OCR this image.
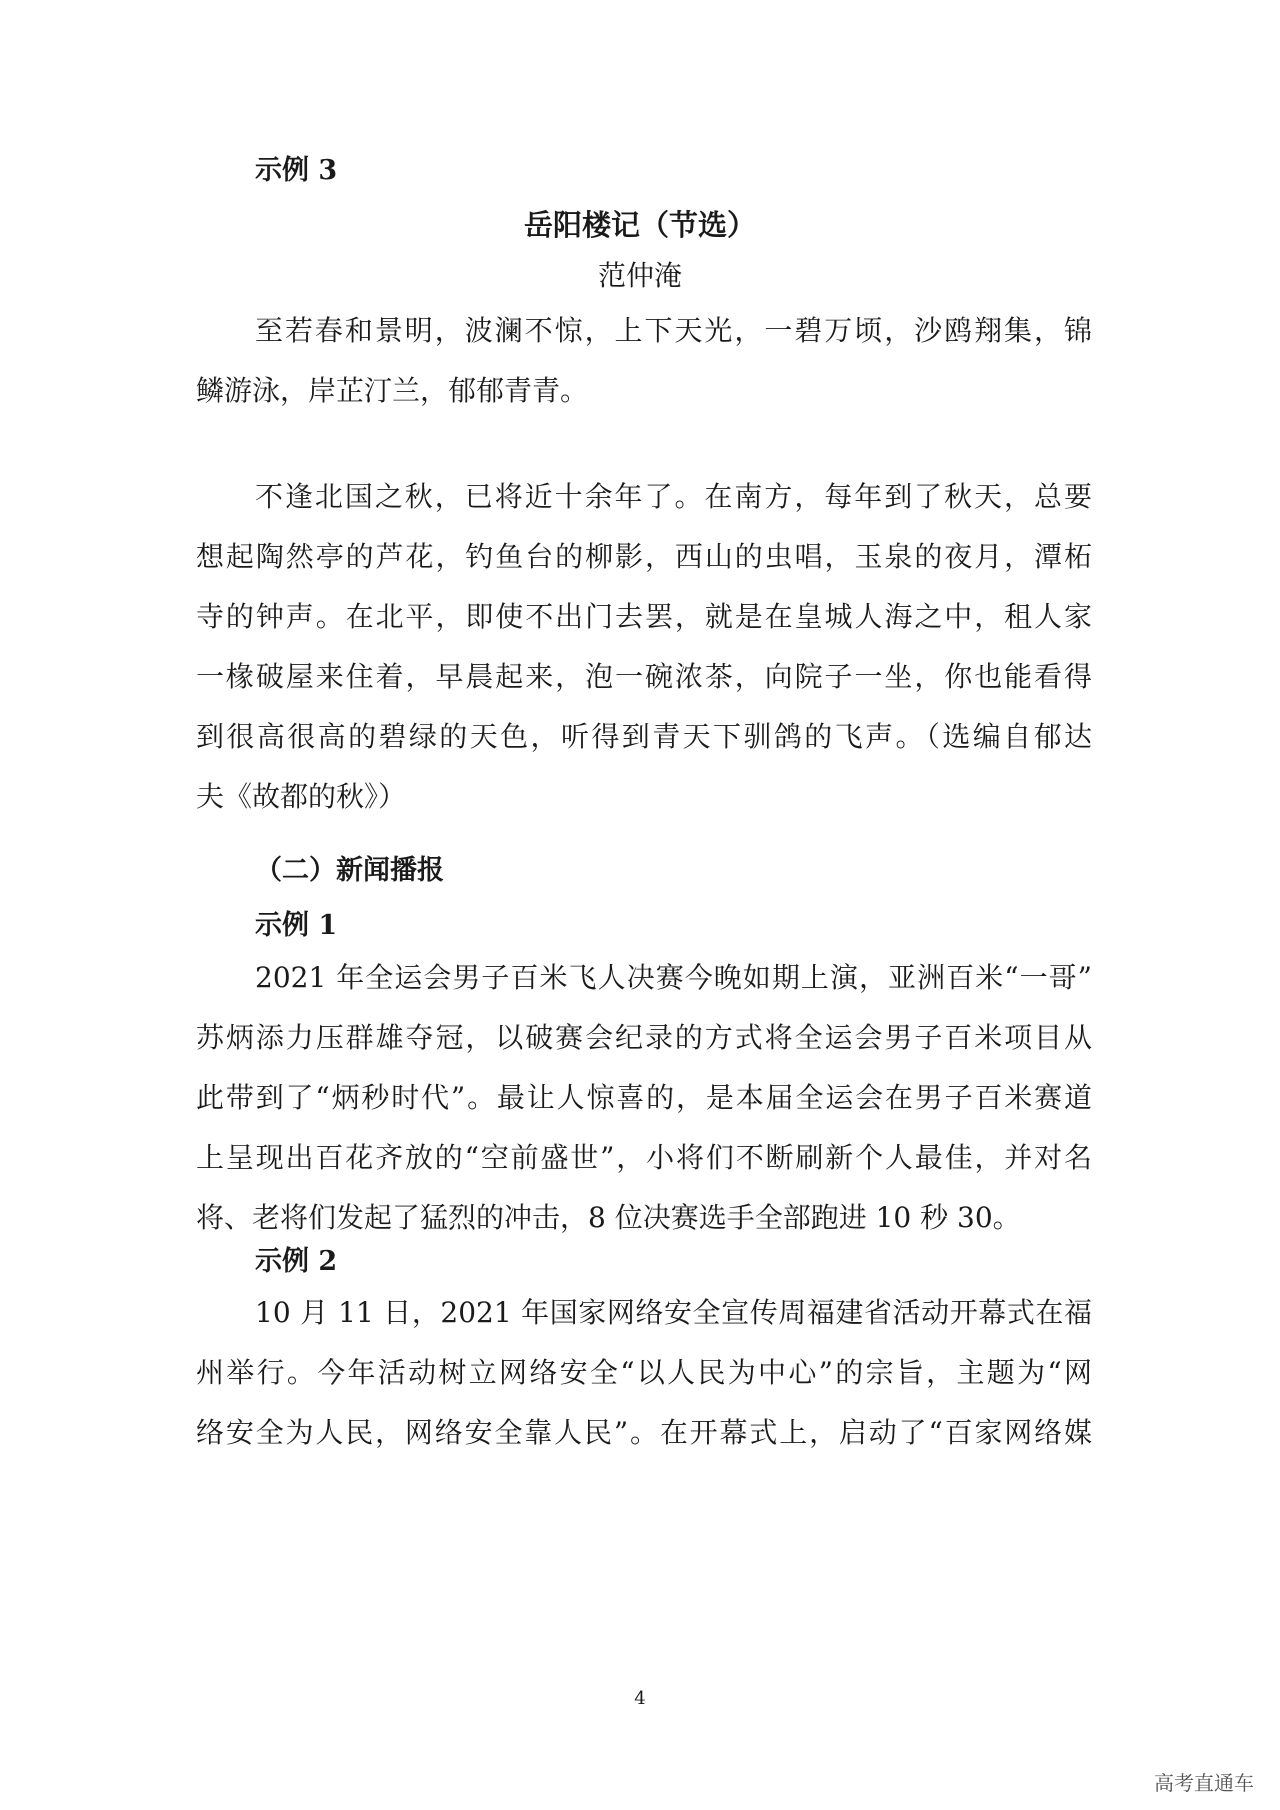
示例 3
岳阳楼记（节选）
范仲淹
至若春和景明，波澜不惊，上下天光，一碧万顷，沙鸥翔集，锦
鳞游泳，岸芷汀兰，郁郁青青。
不逢北国之秋，已将近十余年了。在南方，每年到了秋天，总要
想起陶然亭的芦花，钓鱼台的柳影，西山的虫唱，玉泉的夜月，潭柘
寺的钟声。在北平，即使不出门去罢，就是在皇城人海之中，租人家
一椽破屋来住着，早晨起来，泡一碗浓茶，向院子一坐，你也能看得
到很高很高的碧绿的天色，听得到青天下驯鸽的飞声。（选编自郁达
夫《故都的秋》）
（二）新闻播报
示例 1
2021 年全运会男子百米飞人决赛今晚如期上演，亚洲百米“一哥”
苏炳添力压群雄夺冠，以破赛会纪录的方式将全运会男子百米项目从
此带到了“炳秒时代”。最让人惊喜的，是本届全运会在男子百米赛道
上呈现出百花齐放的“空前盛世”，小将们不断刷新个人最佳，并对名
将、老将们发起了猛烈的冲击，8 位决赛选手全部跑进 10 秒 30。
示例 2
10 月 11 日，2021 年国家网络安全宣传周福建省活动开幕式在福
州举行。今年活动树立网络安全“以人民为中心”的宗旨，主题为“网
络安全为人民，网络安全靠人民”。在开幕式上，启动了“百家网络媒
4
高考直通车
